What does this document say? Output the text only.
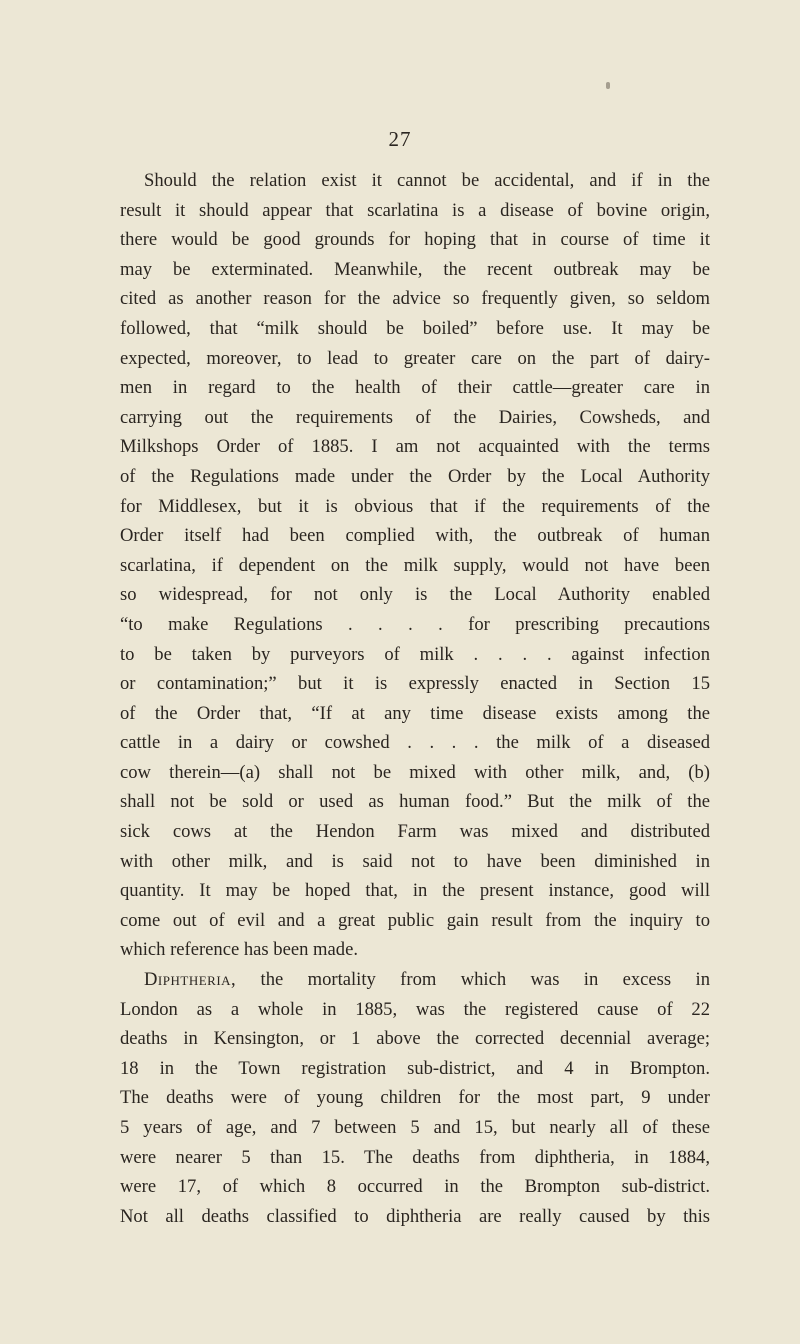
27
Should the relation exist it cannot be accidental, and if in the
result it should appear that scarlatina is a disease of bovine origin,
there would be good grounds for hoping that in course of time it
may be exterminated. Meanwhile, the recent outbreak may be
cited as another reason for the advice so frequently given, so seldom
followed, that “milk should be boiled” before use. It may be
expected, moreover, to lead to greater care on the part of dairy-
men in regard to the health of their cattle—greater care in
carrying out the requirements of the Dairies, Cowsheds, and
Milkshops Order of 1885. I am not acquainted with the terms
of the Regulations made under the Order by the Local Authority
for Middlesex, but it is obvious that if the requirements of the
Order itself had been complied with, the outbreak of human
scarlatina, if dependent on the milk supply, would not have been
so widespread, for not only is the Local Authority enabled
“to make Regulations . . . . for prescribing precautions
to be taken by purveyors of milk . . . . against infection
or contamination;” but it is expressly enacted in Section 15
of the Order that, “If at any time disease exists among the
cattle in a dairy or cowshed . . . . the milk of a diseased
cow therein—(a) shall not be mixed with other milk, and, (b)
shall not be sold or used as human food.” But the milk of the
sick cows at the Hendon Farm was mixed and distributed
with other milk, and is said not to have been diminished in
quantity. It may be hoped that, in the present instance, good will
come out of evil and a great public gain result from the inquiry to
which reference has been made.
Diphtheria, the mortality from which was in excess in
London as a whole in 1885, was the registered cause of 22
deaths in Kensington, or 1 above the corrected decennial average;
18 in the Town registration sub-district, and 4 in Brompton.
The deaths were of young children for the most part, 9 under
5 years of age, and 7 between 5 and 15, but nearly all of these
were nearer 5 than 15. The deaths from diphtheria, in 1884,
were 17, of which 8 occurred in the Brompton sub-district.
Not all deaths classified to diphtheria are really caused by this
